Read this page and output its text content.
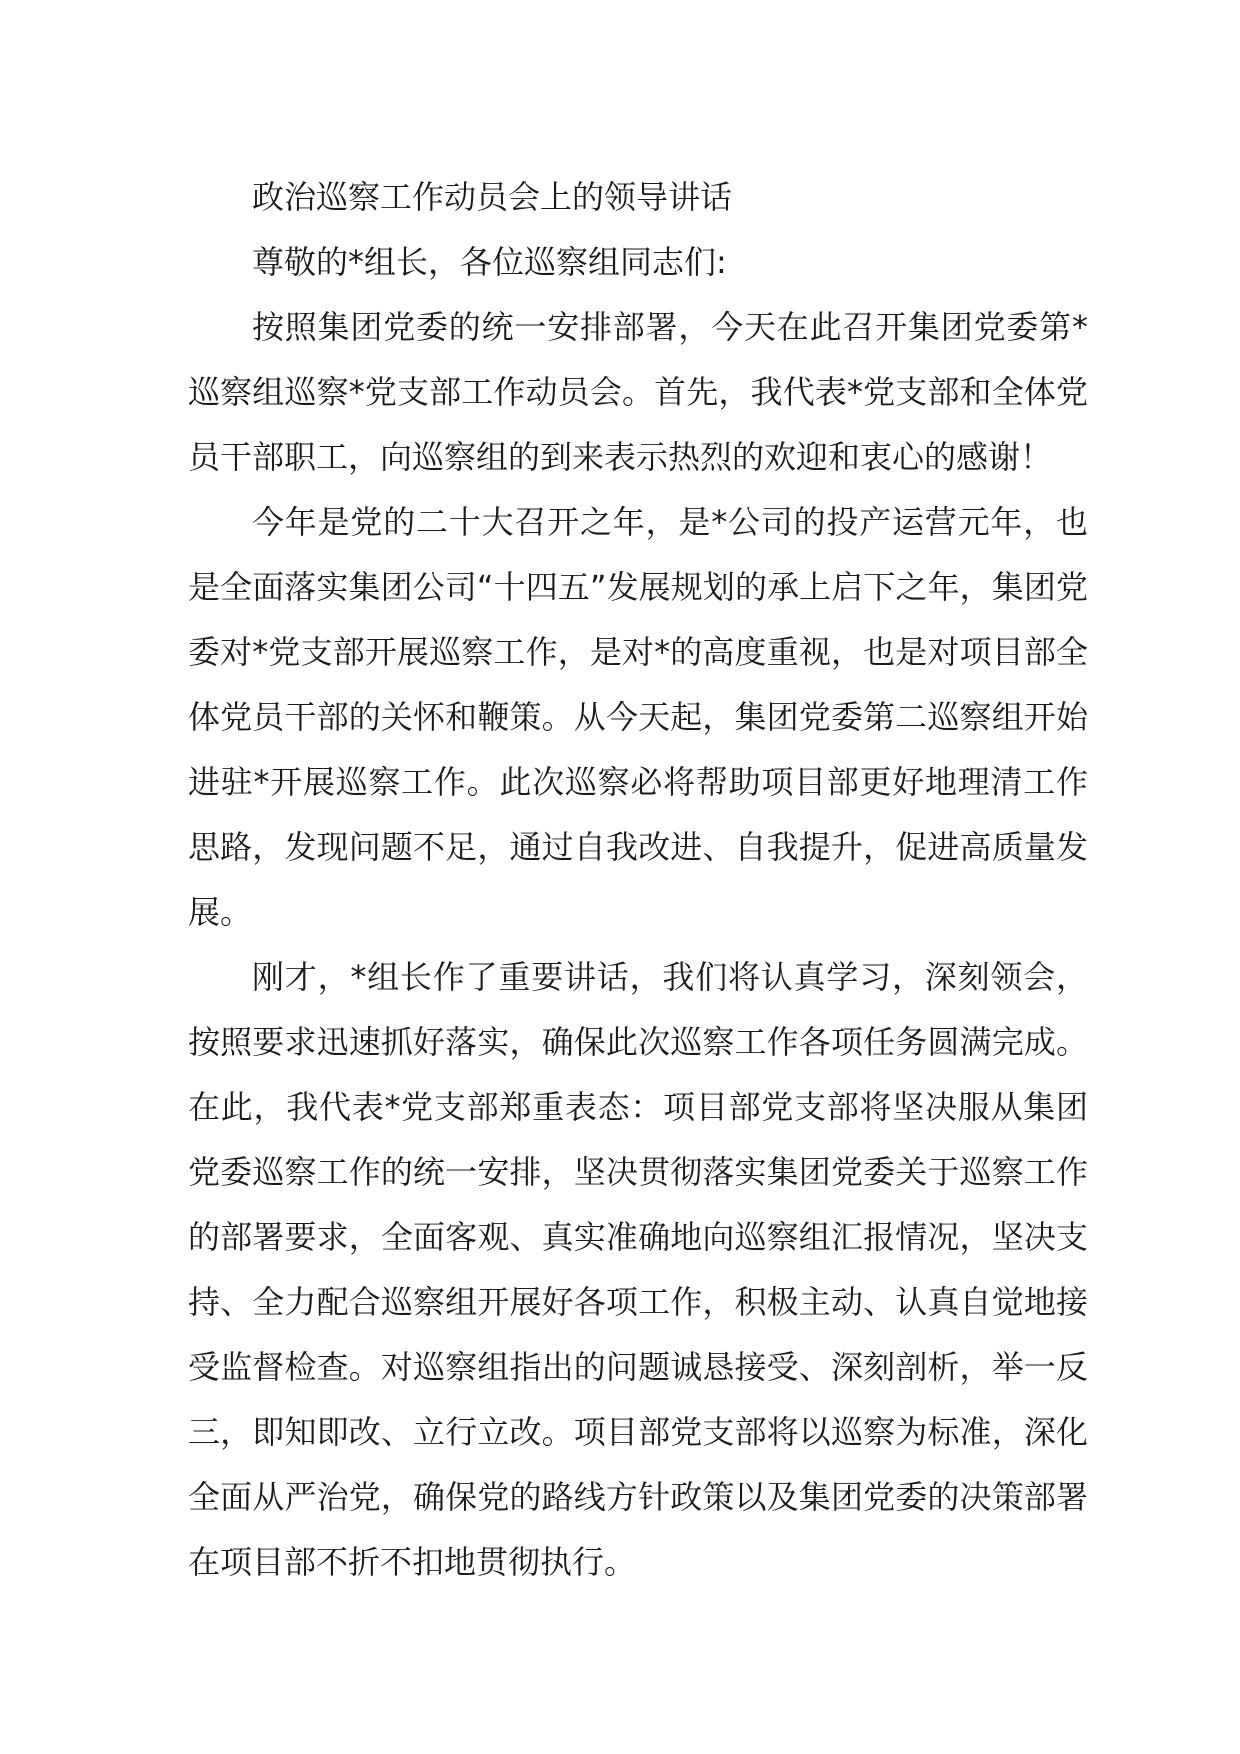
政治巡察工作动员会上的领导讲话

尊敬的*组长，各位巡察组同志们:

按照集团党委的统一安排部署，今天在此召开集团党委第*巡察组巡察*党支部工作动员会。首先，我代表*党支部和全体党员干部职工，向巡察组的到来表示热烈的欢迎和衷心的感谢！

今年是党的二十大召开之年，是*公司的投产运营元年，也是全面落实集团公司“十四五”发展规划的承上启下之年，集团党委对*党支部开展巡察工作，是对*的高度重视，也是对项目部全体党员干部的关怀和鞭策。从今天起，集团党委第二巡察组开始进驻*开展巡察工作。此次巡察必将帮助项目部更好地理清工作思路，发现问题不足，通过自我改进、自我提升，促进高质量发展。

刚才，*组长作了重要讲话，我们将认真学习，深刻领会，按照要求迅速抓好落实，确保此次巡察工作各项任务圆满完成。在此，我代表*党支部郑重表态：项目部党支部将坚决服从集团党委巡察工作的统一安排，坚决贯彻落实集团党委关于巡察工作的部署要求，全面客观、真实准确地向巡察组汇报情况，坚决支持、全力配合巡察组开展好各项工作，积极主动、认真自觉地接受监督检查。对巡察组指出的问题诚恳接受、深刻剖析，举一反三，即知即改、立行立改。项目部党支部将以巡察为标准，深化全面从严治党，确保党的路线方针政策以及集团党委的决策部署在项目部不折不扣地贯彻执行。
